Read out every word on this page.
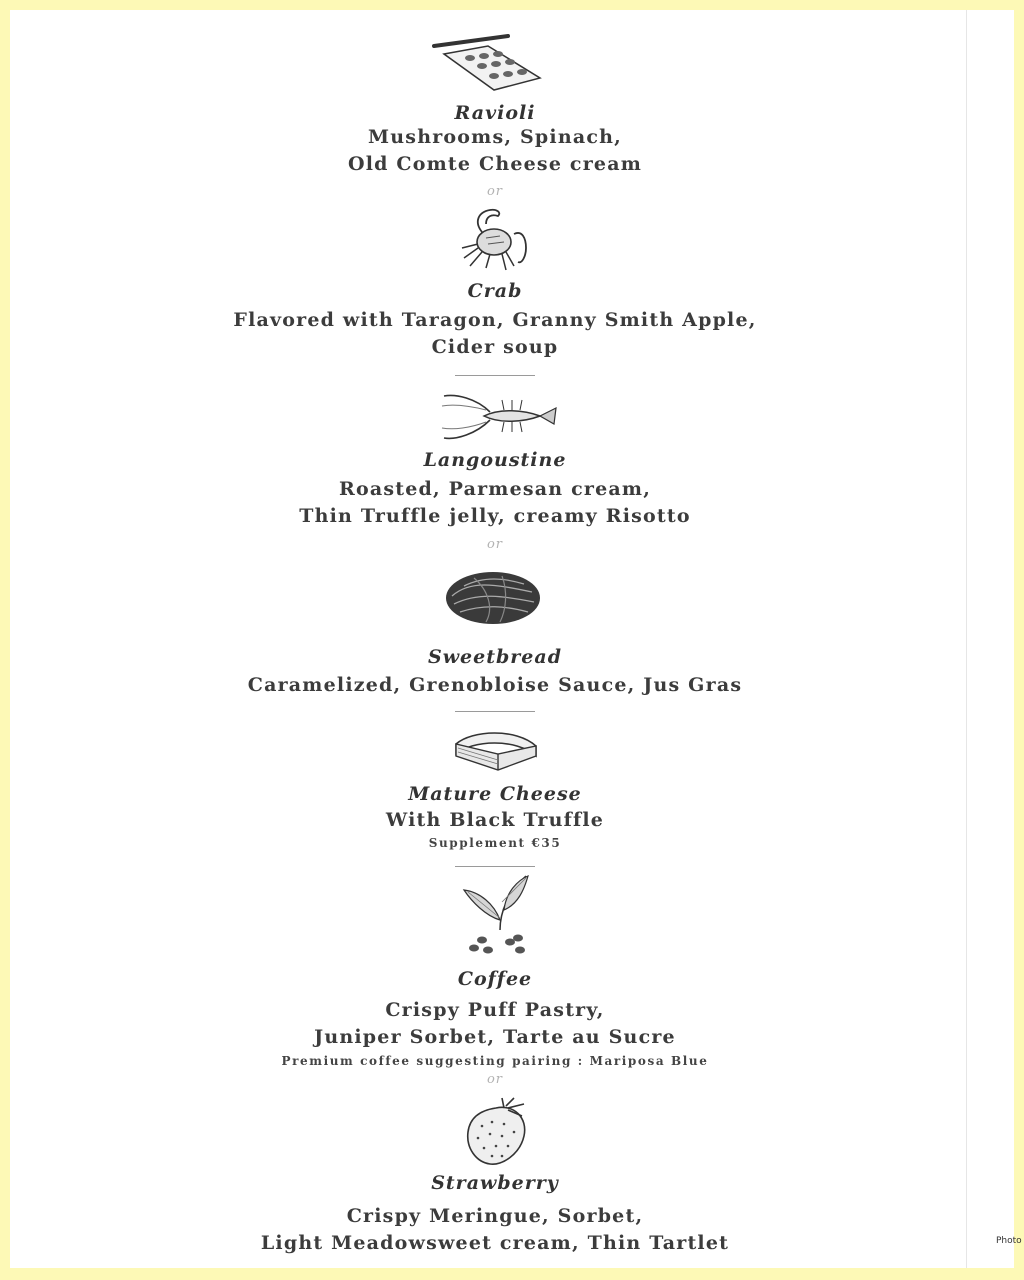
Ravioli
Mushrooms, Spinach,
Old Comte Cheese cream
or
Crab
Flavored with Taragon, Granny Smith Apple,
Cider soup
Langoustine
Roasted, Parmesan cream,
Thin Truffle jelly, creamy Risotto
or
Sweetbread
Caramelized, Grenobloise Sauce, Jus Gras
Mature Cheese
With Black Truffle
Supplement €35
Coffee
Crispy Puff Pastry,
Juniper Sorbet, Tarte au Sucre
Premium coffee suggesting pairing : Mariposa Blue
or
Strawberry
Crispy Meringue, Sorbet,
Light Meadowsweet cream, Thin Tartlet	Photo
